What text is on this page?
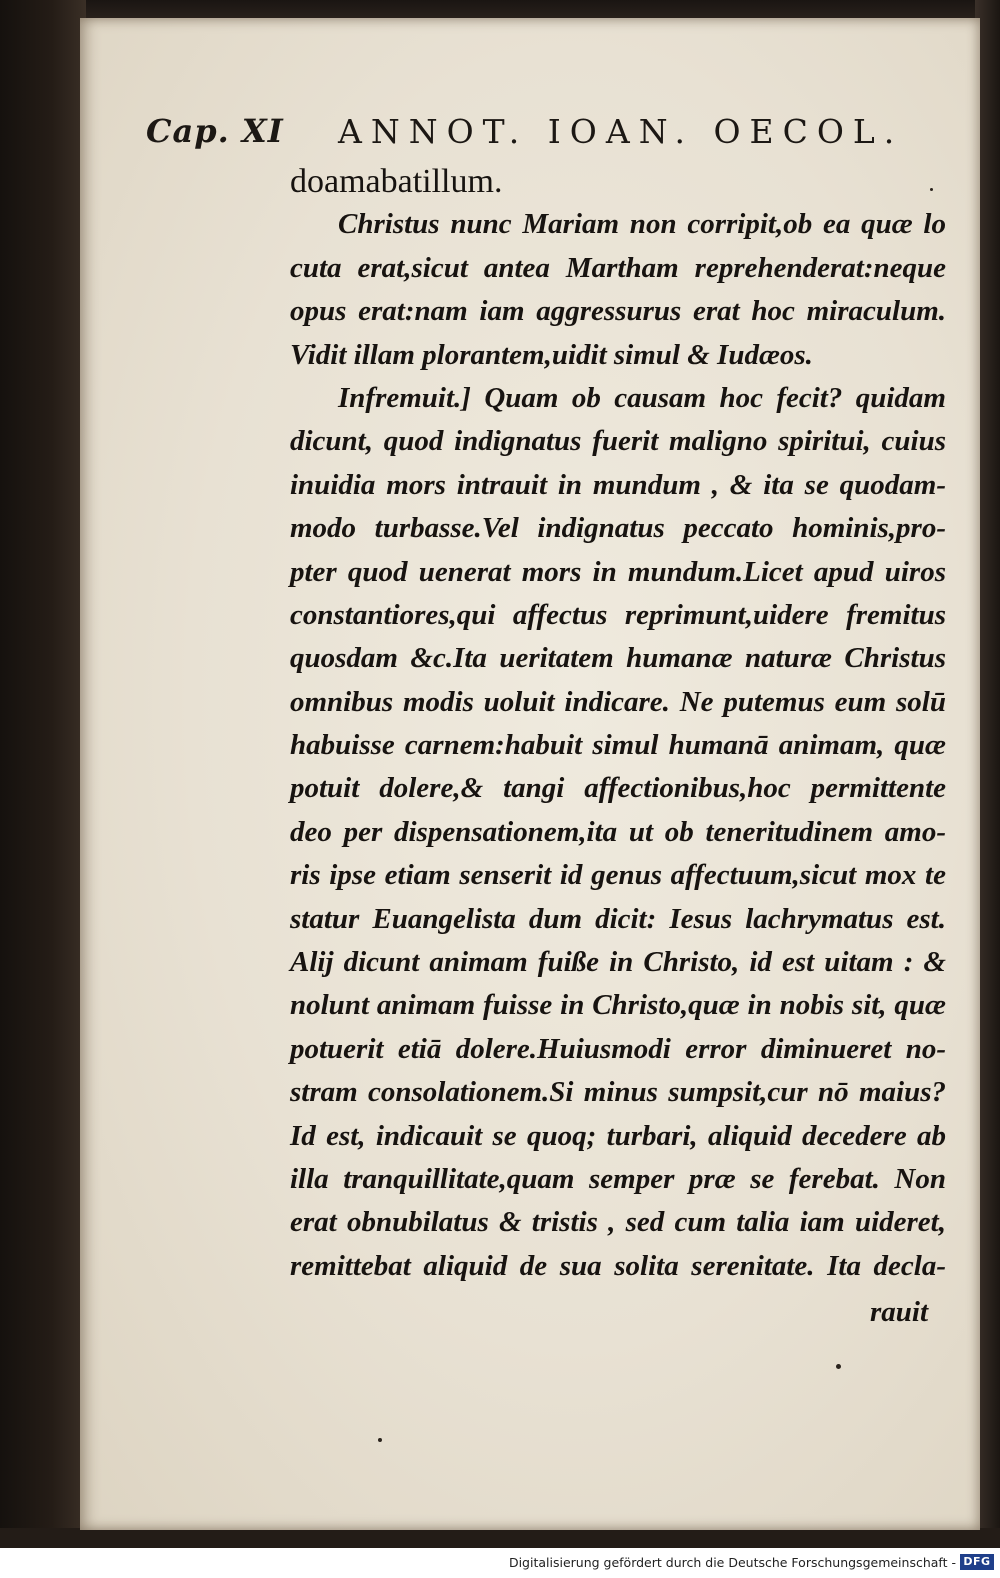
Cap. XI ANNOT. IOAN. OECOL.
doamabatillum.
Christus nunc Mariam non corripit,ob ea quæ lo
cuta erat,sicut antea Martham reprehenderat:neque
opus erat:nam iam aggressurus erat hoc miraculum.
Vidit illam plorantem,uidit simul & Iudæos.
Infremuit.] Quam ob causam hoc fecit? quidam
dicunt, quod indignatus fuerit maligno spiritui, cuius
inuidia mors intrauit in mundum , & ita se quodam-
modo turbasse.Vel indignatus peccato hominis,pro-
pter quod uenerat mors in mundum.Licet apud uiros
constantiores,qui affectus reprimunt,uidere fremitus
quosdam &c.Ita ueritatem humanæ naturæ Christus
omnibus modis uoluit indicare. Ne putemus eum solū
habuisse carnem:habuit simul humanā animam, quæ
potuit dolere,& tangi affectionibus,hoc permittente
deo per dispensationem,ita ut ob teneritudinem amo-
ris ipse etiam senserit id genus affectuum,sicut mox te
statur Euangelista dum dicit: Iesus lachrymatus est.
Alij dicunt animam fuiße in Christo, id est uitam : &
nolunt animam fuisse in Christo,quæ in nobis sit, quæ
potuerit etiā dolere.Huiusmodi error diminueret no-
stram consolationem.Si minus sumpsit,cur nō maius?
Id est, indicauit se quoq; turbari, aliquid decedere ab
illa tranquillitate,quam semper præ se ferebat. Non
erat obnubilatus & tristis , sed cum talia iam uideret,
remittebat aliquid de sua solita serenitate. Ita decla-
rauit
Digitalisierung gefördert durch die Deutsche Forschungsgemeinschaft - DFG
